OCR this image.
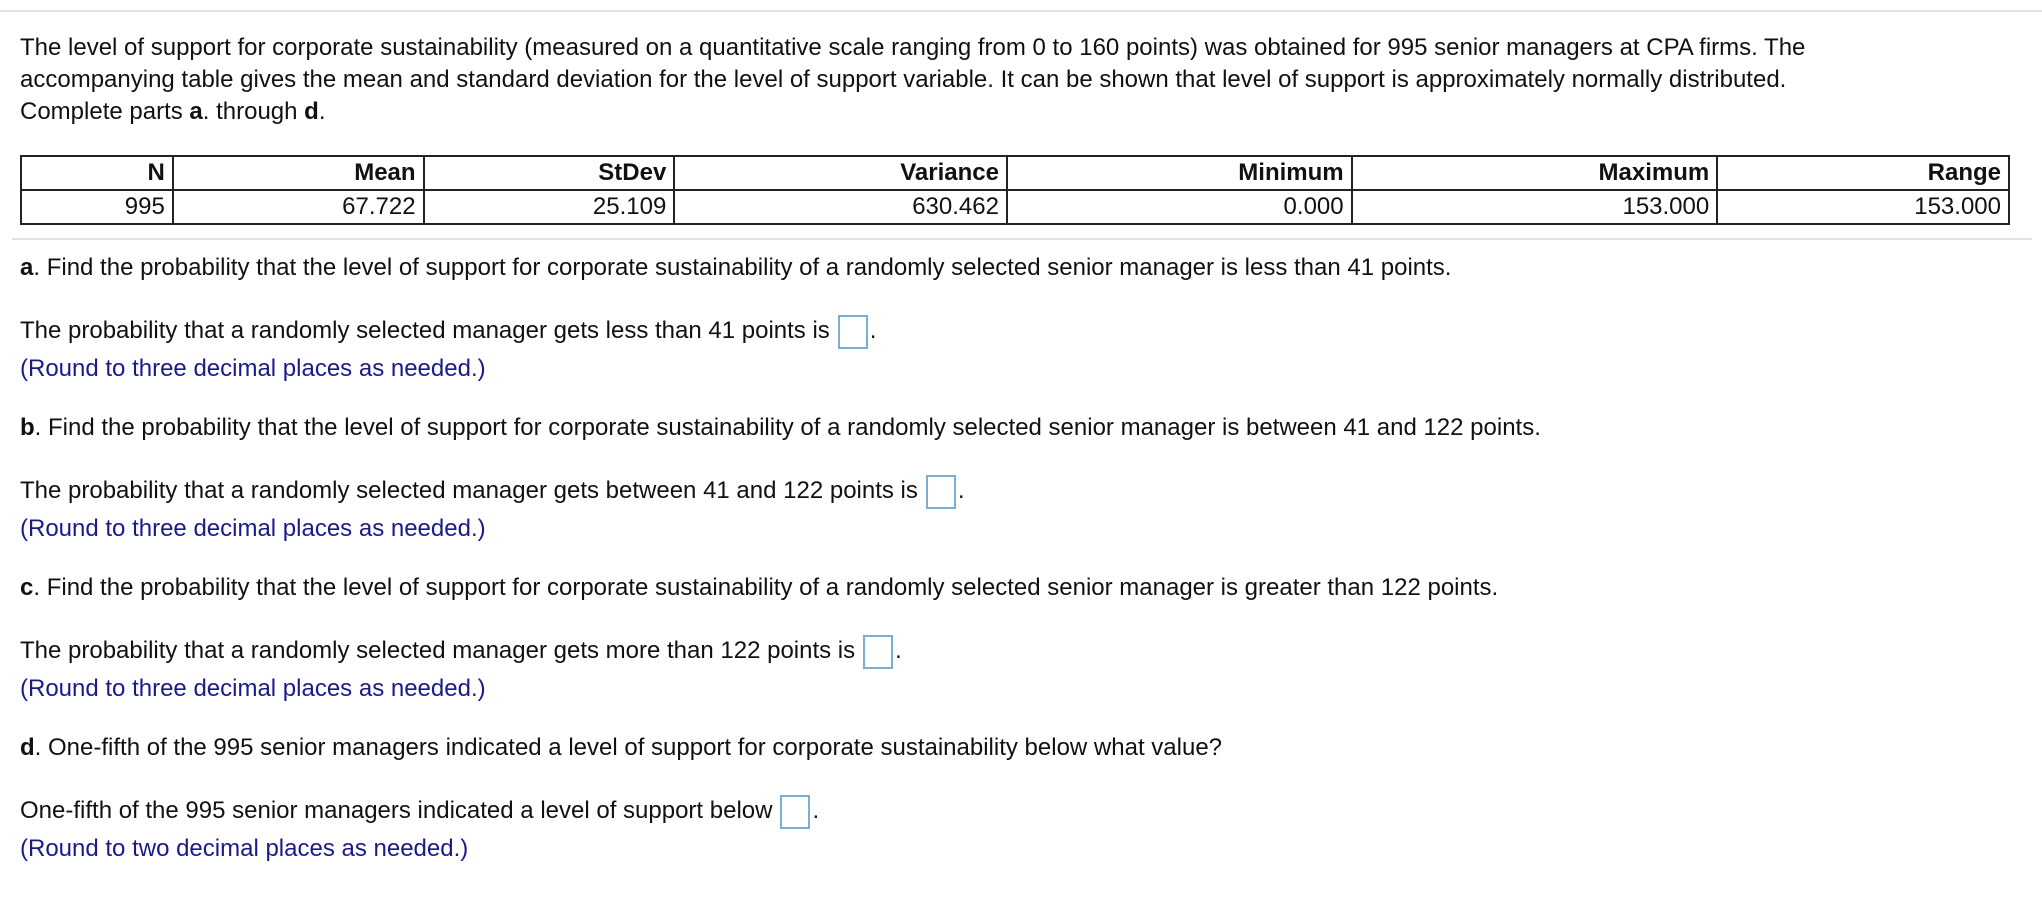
The level of support for corporate sustainability (measured on a quantitative scale ranging from 0 to 160 points) was obtained for 995 senior managers at CPA firms. The
accompanying table gives the mean and standard deviation for the level of support variable. It can be shown that level of support is approximately normally distributed.
Complete parts a. through d.
N	Mean	StDev	Variance	Minimum	Maximum	Range
995	67.722	25.109	630.462	0.000	153.000	153.000
a. Find the probability that the level of support for corporate sustainability of a randomly selected senior manager is less than 41 points.
The probability that a randomly selected manager gets less than 41 points is .
(Round to three decimal places as needed.)
b. Find the probability that the level of support for corporate sustainability of a randomly selected senior manager is between 41 and 122 points.
The probability that a randomly selected manager gets between 41 and 122 points is .
(Round to three decimal places as needed.)
c. Find the probability that the level of support for corporate sustainability of a randomly selected senior manager is greater than 122 points.
The probability that a randomly selected manager gets more than 122 points is .
(Round to three decimal places as needed.)
d. One-fifth of the 995 senior managers indicated a level of support for corporate sustainability below what value?
One-fifth of the 995 senior managers indicated a level of support below .
(Round to two decimal places as needed.)
